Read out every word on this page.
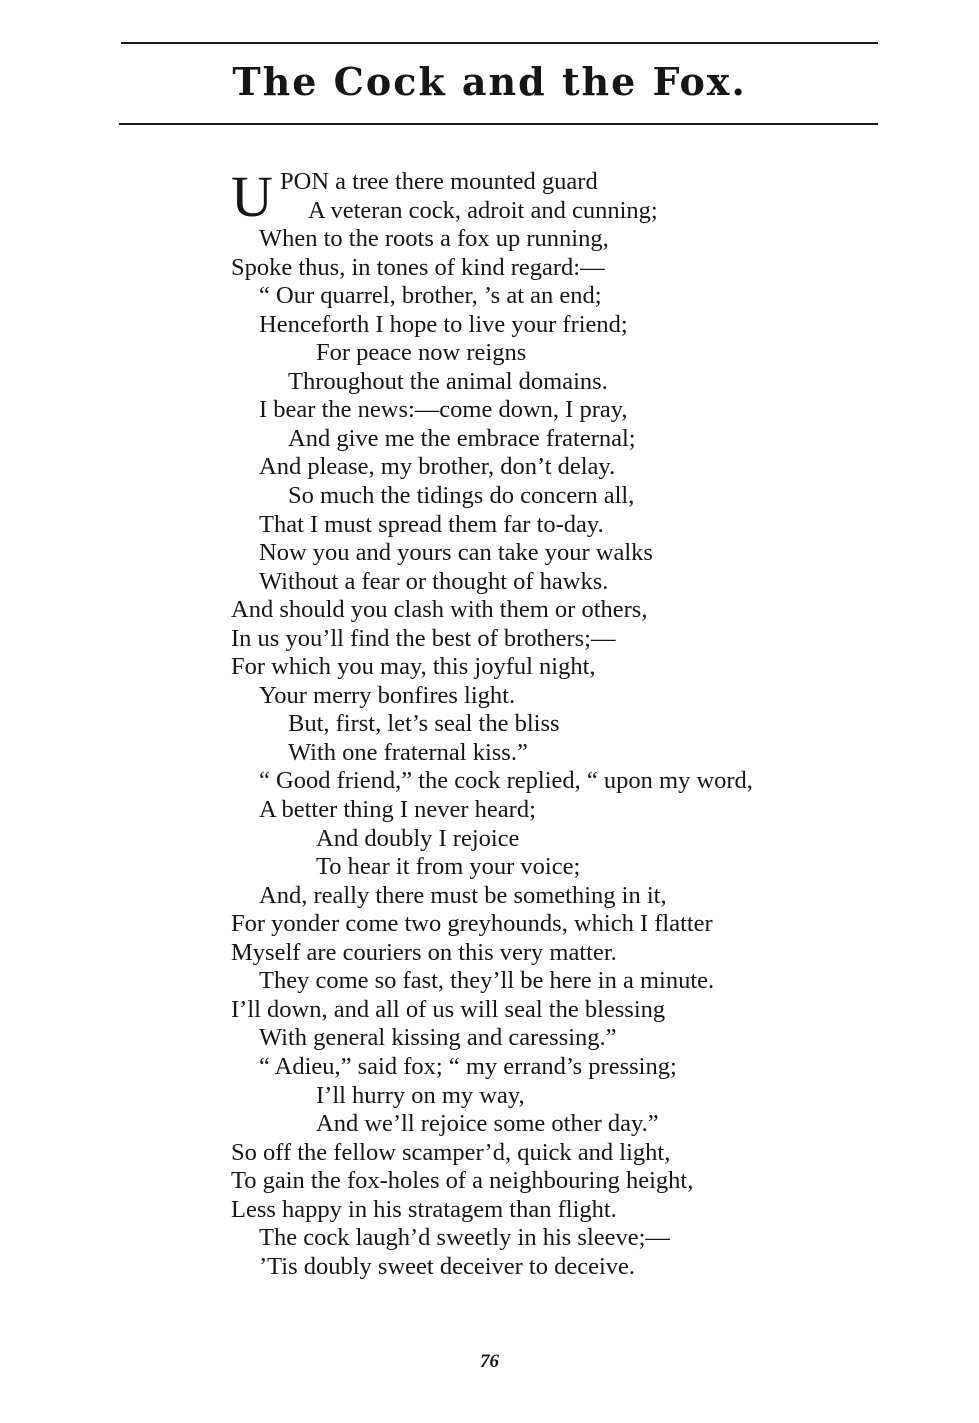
The Cock and the Fox.
U PON a tree there mounted guard
A veteran cock, adroit and cunning;
When to the roots a fox up running,
Spoke thus, in tones of kind regard:—
“ Our quarrel, brother, ’s at an end;
Henceforth I hope to live your friend;
For peace now reigns
Throughout the animal domains.
I bear the news:—come down, I pray,
And give me the embrace fraternal;
And please, my brother, don’t delay.
So much the tidings do concern all,
That I must spread them far to-day.
Now you and yours can take your walks
Without a fear or thought of hawks.
And should you clash with them or others,
In us you’ll find the best of brothers;—
For which you may, this joyful night,
Your merry bonfires light.
But, first, let’s seal the bliss
With one fraternal kiss.”
“ Good friend,” the cock replied, “ upon my word,
A better thing I never heard;
And doubly I rejoice
To hear it from your voice;
And, really there must be something in it,
For yonder come two greyhounds, which I flatter
Myself are couriers on this very matter.
They come so fast, they’ll be here in a minute.
I’ll down, and all of us will seal the blessing
With general kissing and caressing.”
“ Adieu,” said fox; “ my errand’s pressing;
I’ll hurry on my way,
And we’ll rejoice some other day.”
So off the fellow scamper’d, quick and light,
To gain the fox-holes of a neighbouring height,
Less happy in his stratagem than flight.
The cock laugh’d sweetly in his sleeve;—
’Tis doubly sweet deceiver to deceive.
76
